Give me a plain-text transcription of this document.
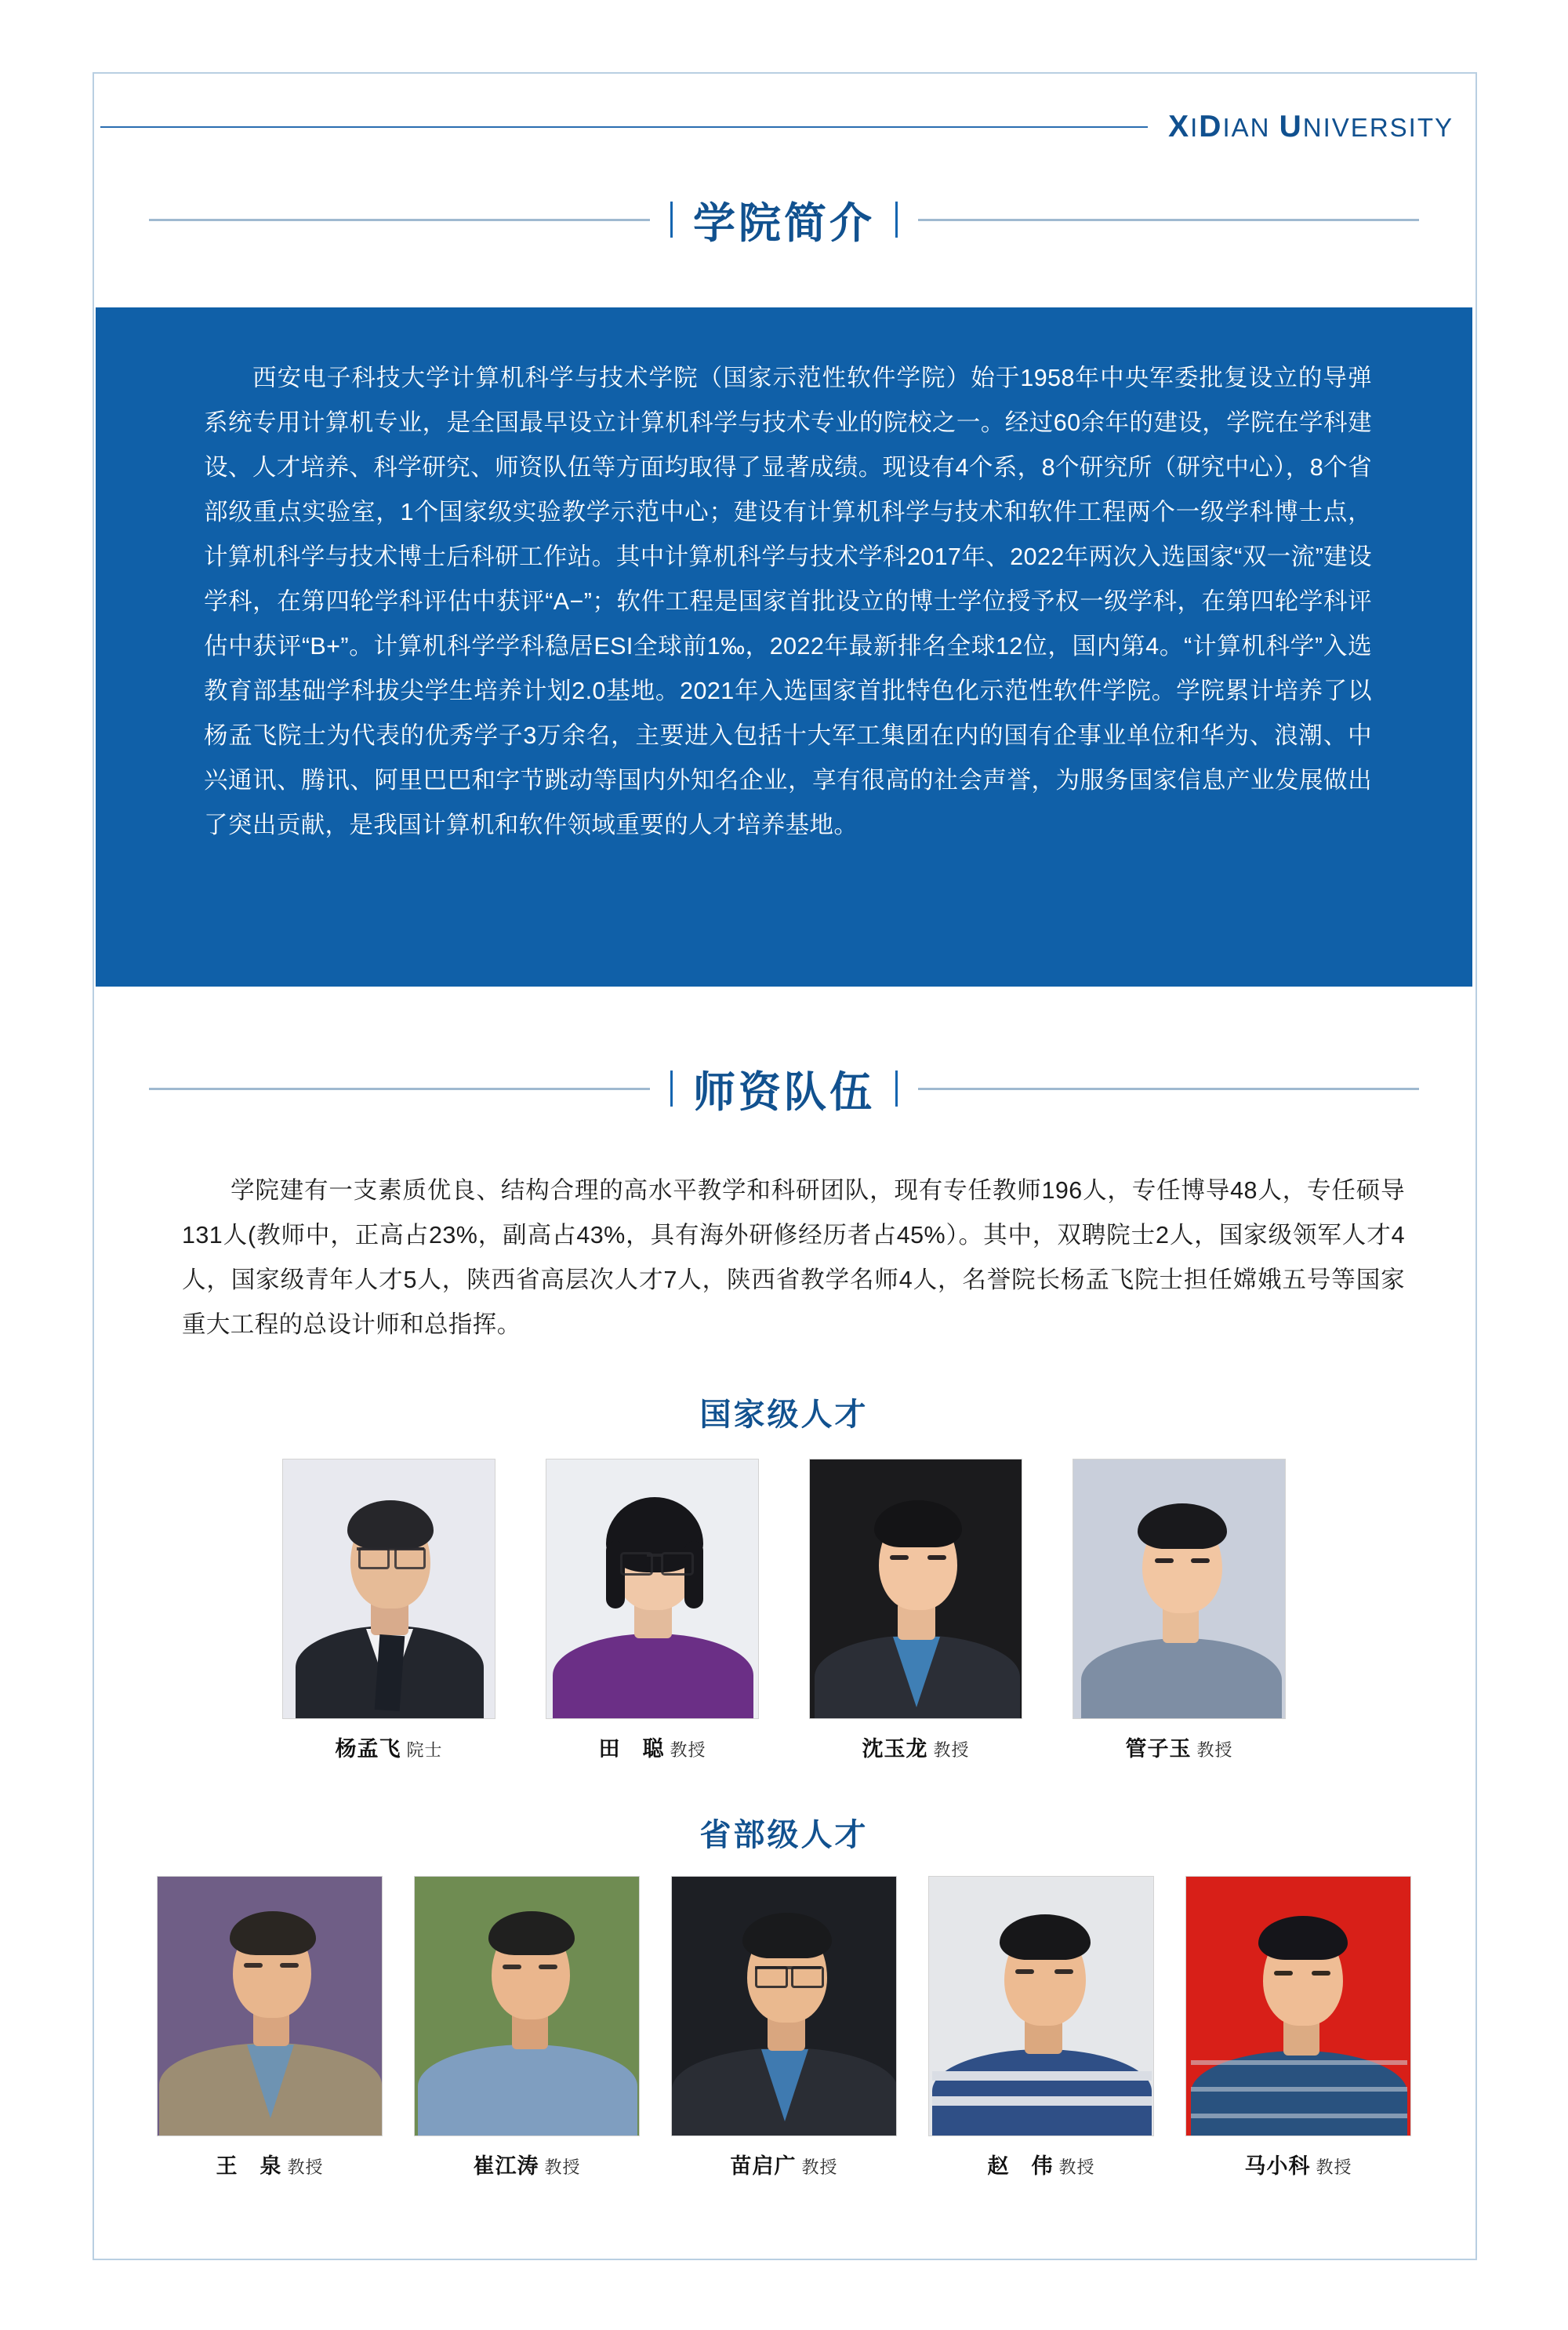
XIDIAN UNIVERSITY
学院简介
西安电子科技大学计算机科学与技术学院（国家示范性软件学院）始于1958年中央军委批复设立的导弹系统专用计算机专业，是全国最早设立计算机科学与技术专业的院校之一。经过60余年的建设，学院在学科建设、人才培养、科学研究、师资队伍等方面均取得了显著成绩。现设有4个系，8个研究所（研究中心），8个省部级重点实验室，1个国家级实验教学示范中心；建设有计算机科学与技术和软件工程两个一级学科博士点，计算机科学与技术博士后科研工作站。其中计算机科学与技术学科2017年、2022年两次入选国家“双一流”建设学科，在第四轮学科评估中获评“A−”；软件工程是国家首批设立的博士学位授予权一级学科，在第四轮学科评估中获评“B+”。计算机科学学科稳居ESI全球前1‰，2022年最新排名全球12位，国内第4。“计算机科学”入选教育部基础学科拔尖学生培养计划2.0基地。2021年入选国家首批特色化示范性软件学院。学院累计培养了以杨孟飞院士为代表的优秀学子3万余名，主要进入包括十大军工集团在内的国有企事业单位和华为、浪潮、中兴通讯、腾讯、阿里巴巴和字节跳动等国内外知名企业，享有很高的社会声誉，为服务国家信息产业发展做出了突出贡献，是我国计算机和软件领域重要的人才培养基地。
师资队伍
学院建有一支素质优良、结构合理的高水平教学和科研团队，现有专任教师196人，专任博导48人，专任硕导131人(教师中，正高占23%，副高占43%，具有海外研修经历者占45%）。其中，双聘院士2人，国家级领军人才4人，国家级青年人才5人，陕西省高层次人才7人，陕西省教学名师4人，名誉院长杨孟飞院士担任嫦娥五号等国家重大工程的总设计师和总指挥。
国家级人才
杨孟飞 院士	田　聪 教授	沈玉龙 教授	管子玉 教授
省部级人才
王　泉 教授	崔江涛 教授	苗启广 教授	赵　伟 教授	马小科 教授
